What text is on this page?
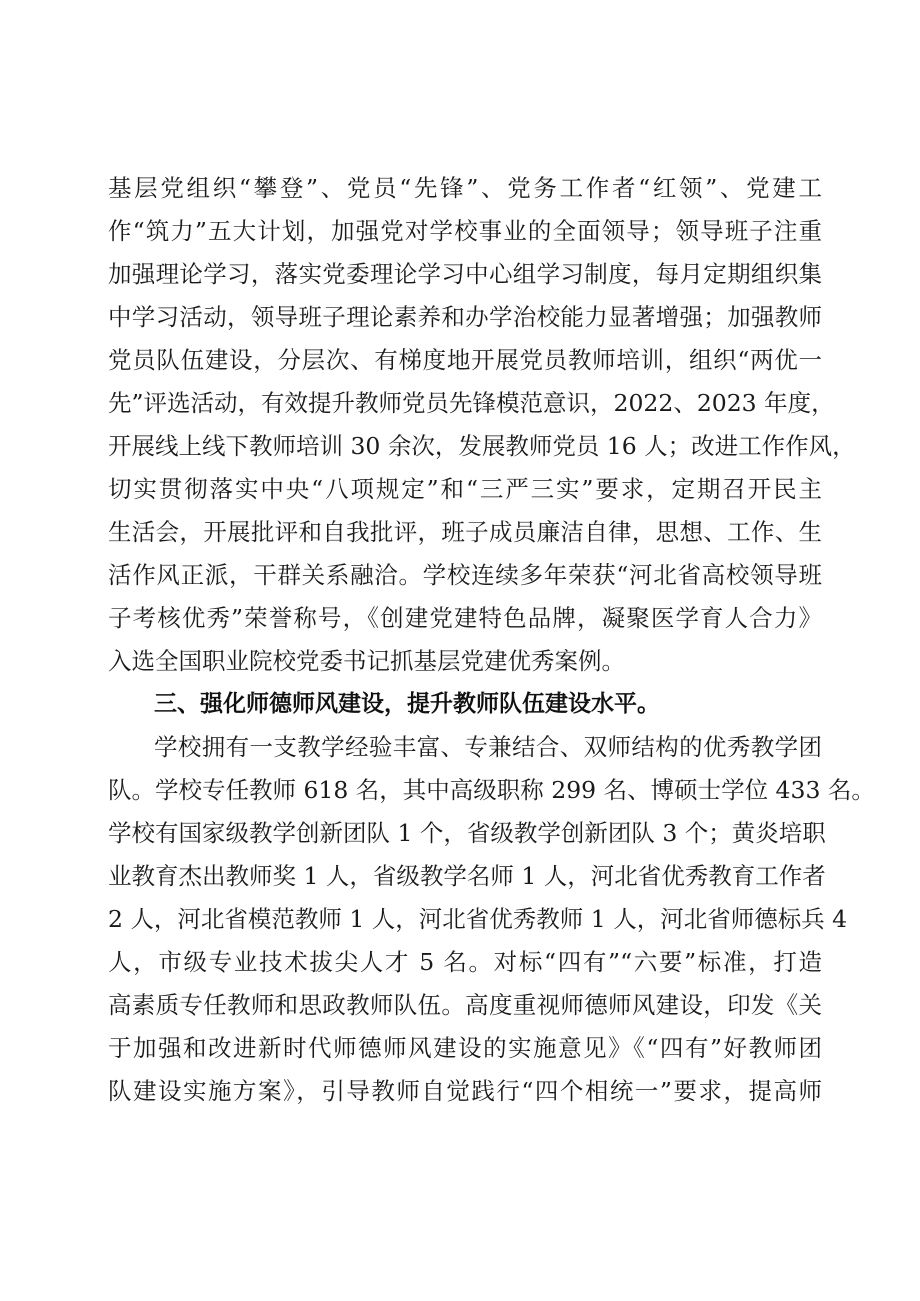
基层党组织“攀登”、党员“先锋”、党务工作者“红领”、党建工
作“筑力”五大计划，加强党对学校事业的全面领导；领导班子注重
加强理论学习，落实党委理论学习中心组学习制度，每月定期组织集
中学习活动，领导班子理论素养和办学治校能力显著增强；加强教师
党员队伍建设，分层次、有梯度地开展党员教师培训，组织“两优一
先”评选活动，有效提升教师党员先锋模范意识，2022、2023 年度，
开展线上线下教师培训 30 余次，发展教师党员 16 人；改进工作作风，
切实贯彻落实中央“八项规定”和“三严三实”要求，定期召开民主
生活会，开展批评和自我批评，班子成员廉洁自律，思想、工作、生
活作风正派，干群关系融洽。学校连续多年荣获“河北省高校领导班
子考核优秀”荣誉称号，《创建党建特色品牌，凝聚医学育人合力》
入选全国职业院校党委书记抓基层党建优秀案例。
三、强化师德师风建设，提升教师队伍建设水平。
学校拥有一支教学经验丰富、专兼结合、双师结构的优秀教学团
队。学校专任教师 618 名，其中高级职称 299 名、博硕士学位 433 名。
学校有国家级教学创新团队 1 个，省级教学创新团队 3 个；黄炎培职
业教育杰出教师奖 1 人，省级教学名师 1 人，河北省优秀教育工作者
2 人，河北省模范教师 1 人，河北省优秀教师 1 人，河北省师德标兵 4
人，市级专业技术拔尖人才 5 名。对标“四有”“六要”标准，打造
高素质专任教师和思政教师队伍。高度重视师德师风建设，印发《关
于加强和改进新时代师德师风建设的实施意见》《“四有”好教师团
队建设实施方案》，引导教师自觉践行“四个相统一”要求，提高师
